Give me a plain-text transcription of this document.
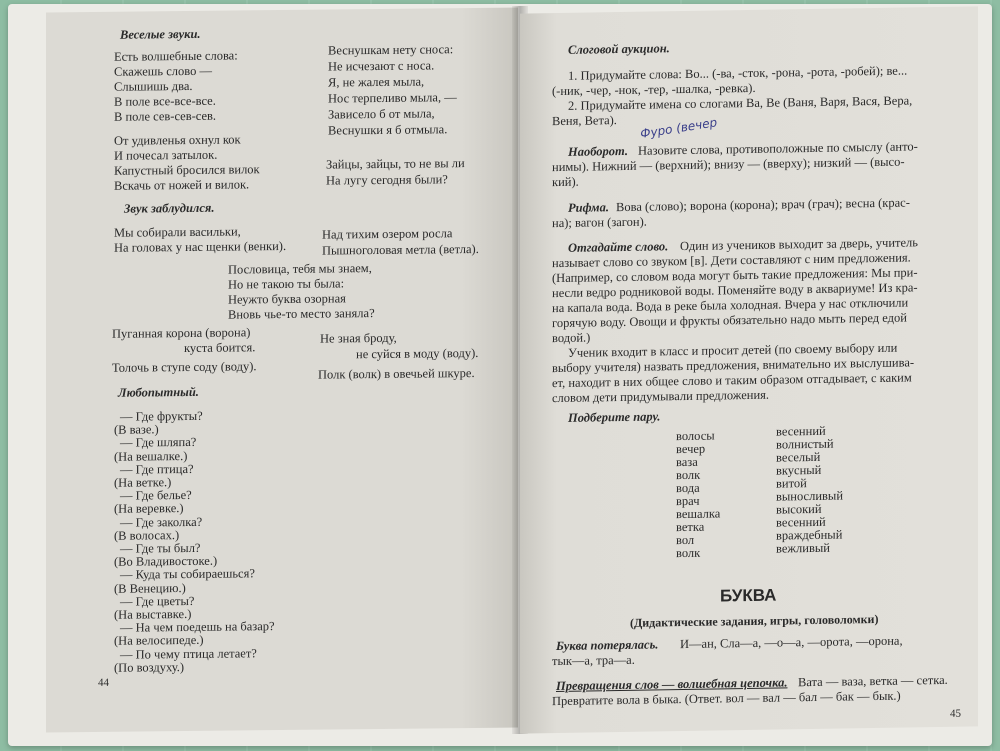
Веселые звуки.
Есть волшебные слова:
Скажешь слово —
Слышишь два.
В поле все-все-все.
В поле сев-сев-сев.
Веснушкам нету сноса:
Не исчезают с носа.
Я, не жалея мыла,
Нос терпеливо мыла, —
Зависело б от мыла,
Веснушки я б отмыла.
От удивленья охнул кок
И почесал затылок.
Капустный бросился вилок
Вскачь от ножей и вилок.
Зайцы, зайцы, то не вы ли
На лугу сегодня были?
Звук заблудился.
Мы собирали васильки,
На головах у нас щенки (венки).
Над тихим озером росла
Пышноголовая метла (ветла).
Пословица, тебя мы знаем,
Но не такою ты была:
Неужто буква озорная
Вновь чье-то место заняла?
Пуганная корона (ворона)
куста боится.
Толочь в ступе соду (воду).
Не зная броду,
не суйся в моду (воду).
Полк (волк) в овечьей шкуре.
Любопытный.
— Где фрукты?
(В вазе.)
— Где шляпа?
(На вешалке.)
— Где птица?
(На ветке.)
— Где белье?
(На веревке.)
— Где заколка?
(В волосах.)
— Где ты был?
(Во Владивостоке.)
— Куда ты собираешься?
(В Венецию.)
— Где цветы?
(На выставке.)
— На чем поедешь на базар?
(На велосипеде.)
— По чему птица летает?
(По воздуху.)
44
Слоговой аукцион.
1. Придумайте слова: Во... (-ва, -сток, -рона, -рота, -робей); ве...
(-ник, -чер, -нок, -тер, -шалка, -ревка).
2. Придумайте имена со слогами Ва, Ве (Ваня, Варя, Вася, Вера,
Веня, Вета). Фуро (вечер
Наоборот. Назовите слова, противоположные по смыслу (анто-
нимы). Нижний — (верхний); внизу — (вверху); низкий — (высо-
кий).
Рифма. Вова (слово); ворона (корона); врач (грач); весна (крас-
на); вагон (загон).
Отгадайте слово. Один из учеников выходит за дверь, учитель
называет слово со звуком [в]. Дети составляют с ним предложения.
(Например, со словом вода могут быть такие предложения: Мы при-
несли ведро родниковой воды. Поменяйте воду в аквариуме! Из кра-
на капала вода. Вода в реке была холодная. Вчера у нас отключили
горячую воду. Овощи и фрукты обязательно надо мыть перед едой
водой.)
Ученик входит в класс и просит детей (по своему выбору или
выбору учителя) назвать предложения, внимательно их выслушива-
ет, находит в них общее слово и таким образом отгадывает, с каким
словом дети придумывали предложения.
Подберите пару.
волосы
вечер
ваза
волк
вода
врач
вешалка
ветка
вол
волк
весенний
волнистый
веселый
вкусный
витой
выносливый
высокий
весенний
враждебный
вежливый
БУКВА
(Дидактические задания, игры, головоломки)
Буква потерялась. И—ан, Сла—а, —о—а, —орота, —орона,
тык—а, тра—а.
Превращения слов — волшебная цепочка. Вата — ваза, ветка — сетка.
Превратите вола в быка. (Ответ. вол — вал — бал — бак — бык.)
45
